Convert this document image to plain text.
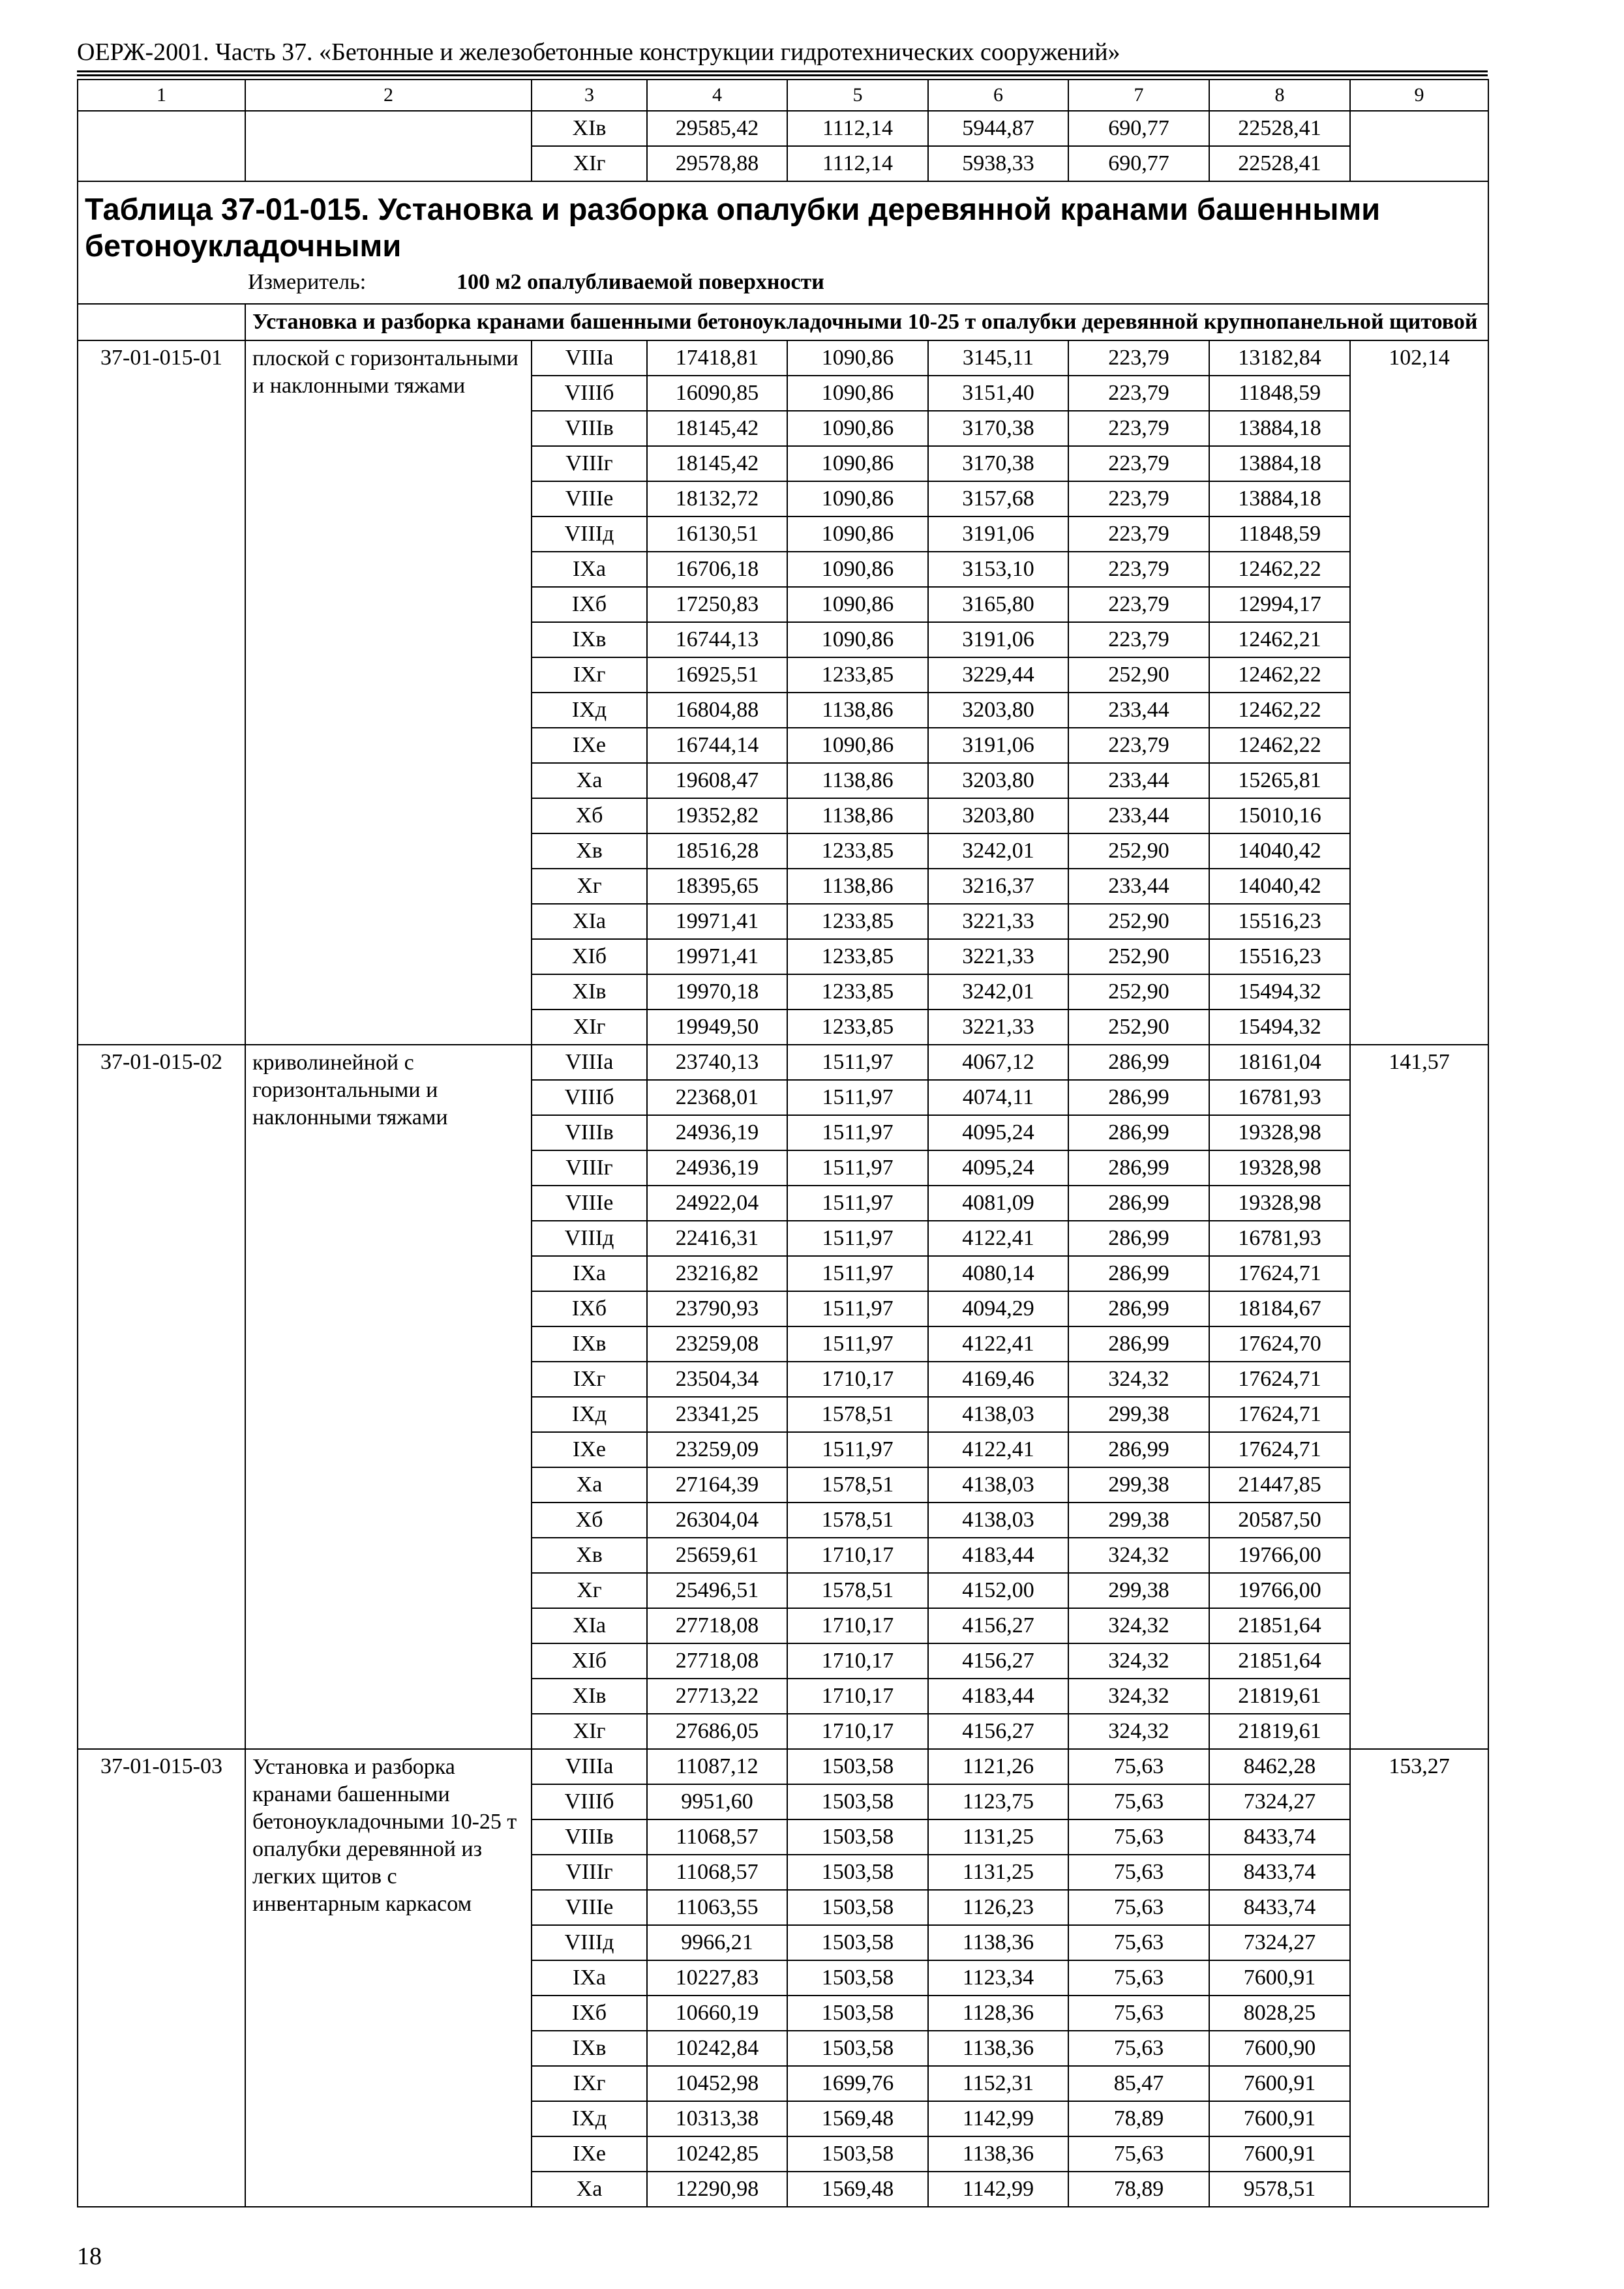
ОЕРЖ-2001. Часть 37. «Бетонные и железобетонные конструкции гидротехнических сооружений»
1	2	3	4	5	6	7	8	9
		XIв	29585,42	1112,14	5944,87	690,77	22528,41	
		XIг	29578,88	1112,14	5938,33	690,77	22528,41	

Таблица 37-01-015. Установка и разборка опалубки деревянной кранами башенными бетоноукладочными
Измеритель: 100 м2 опалубливаемой поверхности								

	Установка и разборка кранами башенными бетоноукладочными 10-25 т опалубки деревянной крупнопанельной щитовой							
37-01-015-01	плоской с горизонтальными и наклонными тяжами	VIIIa	17418,81	1090,86	3145,11	223,79	13182,84	102,14
		VIIIб	16090,85	1090,86	3151,40	223,79	11848,59	
		VIIIв	18145,42	1090,86	3170,38	223,79	13884,18	
		VIIIг	18145,42	1090,86	3170,38	223,79	13884,18	
		VIIIe	18132,72	1090,86	3157,68	223,79	13884,18	
		VIIIд	16130,51	1090,86	3191,06	223,79	11848,59	
		IXa	16706,18	1090,86	3153,10	223,79	12462,22	
		IXб	17250,83	1090,86	3165,80	223,79	12994,17	
		IXв	16744,13	1090,86	3191,06	223,79	12462,21	
		IXг	16925,51	1233,85	3229,44	252,90	12462,22	
		IXд	16804,88	1138,86	3203,80	233,44	12462,22	
		IXe	16744,14	1090,86	3191,06	223,79	12462,22	
		Xa	19608,47	1138,86	3203,80	233,44	15265,81	
		Xб	19352,82	1138,86	3203,80	233,44	15010,16	
		Xв	18516,28	1233,85	3242,01	252,90	14040,42	
		Xг	18395,65	1138,86	3216,37	233,44	14040,42	
		XIa	19971,41	1233,85	3221,33	252,90	15516,23	
		XIб	19971,41	1233,85	3221,33	252,90	15516,23	
		XIв	19970,18	1233,85	3242,01	252,90	15494,32	
		XIг	19949,50	1233,85	3221,33	252,90	15494,32	
37-01-015-02	криволинейной с горизонтальными и наклонными тяжами	VIIIa	23740,13	1511,97	4067,12	286,99	18161,04	141,57
		VIIIб	22368,01	1511,97	4074,11	286,99	16781,93	
		VIIIв	24936,19	1511,97	4095,24	286,99	19328,98	
		VIIIг	24936,19	1511,97	4095,24	286,99	19328,98	
		VIIIe	24922,04	1511,97	4081,09	286,99	19328,98	
		VIIIд	22416,31	1511,97	4122,41	286,99	16781,93	
		IXa	23216,82	1511,97	4080,14	286,99	17624,71	
		IXб	23790,93	1511,97	4094,29	286,99	18184,67	
		IXв	23259,08	1511,97	4122,41	286,99	17624,70	
		IXг	23504,34	1710,17	4169,46	324,32	17624,71	
		IXд	23341,25	1578,51	4138,03	299,38	17624,71	
		IXe	23259,09	1511,97	4122,41	286,99	17624,71	
		Xa	27164,39	1578,51	4138,03	299,38	21447,85	
		Xб	26304,04	1578,51	4138,03	299,38	20587,50	
		Xв	25659,61	1710,17	4183,44	324,32	19766,00	
		Xг	25496,51	1578,51	4152,00	299,38	19766,00	
		XIa	27718,08	1710,17	4156,27	324,32	21851,64	
		XIб	27718,08	1710,17	4156,27	324,32	21851,64	
		XIв	27713,22	1710,17	4183,44	324,32	21819,61	
		XIг	27686,05	1710,17	4156,27	324,32	21819,61	
37-01-015-03	Установка и разборка кранами башенными бетоноукладочными 10-25 т опалубки деревянной из легких щитов с инвентарным каркасом	VIIIa	11087,12	1503,58	1121,26	75,63	8462,28	153,27
		VIIIб	9951,60	1503,58	1123,75	75,63	7324,27	
		VIIIв	11068,57	1503,58	1131,25	75,63	8433,74	
		VIIIг	11068,57	1503,58	1131,25	75,63	8433,74	
		VIIIe	11063,55	1503,58	1126,23	75,63	8433,74	
		VIIIд	9966,21	1503,58	1138,36	75,63	7324,27	
		IXa	10227,83	1503,58	1123,34	75,63	7600,91	
		IXб	10660,19	1503,58	1128,36	75,63	8028,25	
		IXв	10242,84	1503,58	1138,36	75,63	7600,90	
		IXг	10452,98	1699,76	1152,31	85,47	7600,91	
		IXд	10313,38	1569,48	1142,99	78,89	7600,91	
		IXe	10242,85	1503,58	1138,36	75,63	7600,91	
		Xa	12290,98	1569,48	1142,99	78,89	9578,51	
18
